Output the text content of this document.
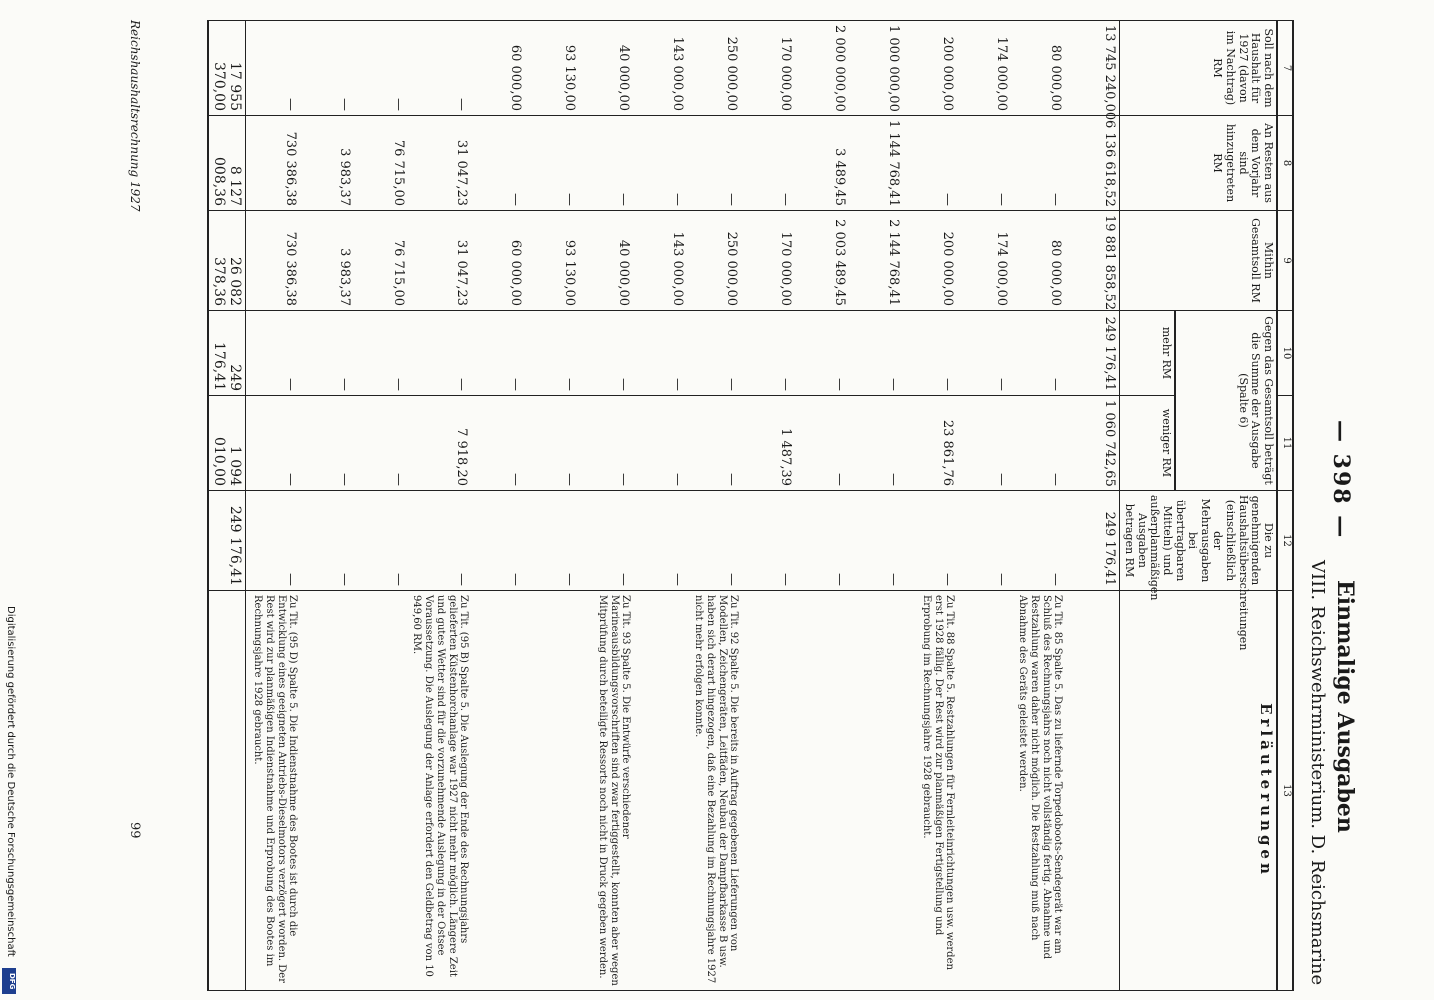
— 398 —
Einmalige Ausgaben
VIII. Reichswehrministerium. D. Reichsmarine
7	8	9	10	11	12	13
Soll nach dem Haushalt für 1927 (davon im Nachtrag) RM	An Resten aus dem Vorjahr sind hinzugetreten RM	Mithin Gesamtsoll RM	Gegen das Gesamtsoll beträgt die Summe der Ausgabe (Spalte 6)		Die zu genehmigenden Haushaltsüberschreitungen (einschließlich der Mehrausgaben bei übertragbaren Mitteln) und außerplanmäßigen Ausgaben betragen RM	Erläuterungen
			mehr RM	weniger RM		
13 745 240,00	6 136 618,52	19 881 858,52	249 176,41	1 060 742,65	249 176,41	
80 000,00	—	80 000,00	—	—	—	Zu Tit. 85 Spalte 5. Das zu liefernde Torpedoboots-Sendegerät war am Schluß des Rechnungsjahrs noch nicht vollständig fertig. Abnahme und Restzahlung waren daher nicht möglich. Die Restzahlung muß nach Abnahme des Geräts geleistet werden.
174 000,00	—	174 000,00	—	—	—	
200 000,00	—	200 000,00	—	23 861,76	—	Zu Tit. 88 Spalte 5. Restzahlungen für Fernleiteinrichtungen usw. werden erst 1928 fällig. Der Rest wird zur planmäßigen Fertigstellung und Erprobung im Rechnungsjahre 1928 gebraucht.
1 000 000,00	1 144 768,41	2 144 768,41	—	—	—	
2 000 000,00	3 489,45	2 003 489,45	—	—	—	
170 000,00	—	170 000,00	—	1 487,39	—	
250 000,00	—	250 000,00	—	—	—	Zu Tit. 92 Spalte 5. Die bereits in Auftrag gegebenen Lieferungen von Modellen, Zeichengeräten, Leitfäden, Neubau der Dampfbarkasse B usw. haben sich derart hingezogen, daß eine Bezahlung im Rechnungsjahre 1927 nicht mehr erfolgen konnte.
143 000,00	—	143 000,00	—	—	—	
40 000,00	—	40 000,00	—	—	—	Zu Tit. 93 Spalte 5. Die Entwürfe verschiedener Marineausbildungsvorschriften sind zwar fertiggestellt, konnten aber wegen Mitprüfung durch beteiligte Ressorts noch nicht in Druck gegeben werden.
93 130,00	—	93 130,00	—	—	—	
60 000,00	—	60 000,00	—	—	—	
—	31 047,23	31 047,23	—	7 918,20	—	Zu Tit. (95 B) Spalte 5. Die Auslegung der Ende des Rechnungsjahrs gelieferten Küstenhorchanlage war 1927 nicht mehr möglich. Längere Zeit und gutes Wetter sind für die vorzunehmende Auslegung in der Ostsee Voraussetzung. Die Auslegung der Anlage erfordert den Geldbetrag von 10 949,60 RM.
—	76 715,00	76 715,00	—	—	—	
—	3 983,37	3 983,37	—	—	—	
—	730 386,38	730 386,38	—	—	—	Zu Tit. (95 D) Spalte 5. Die Indienstnahme des Bootes ist durch die Entwicklung eines geeigneten Antriebs-Dieselmotors verzögert worden. Der Rest wird zur planmäßigen Indienstnahme und Erprobung des Bootes im Rechnungsjahre 1928 gebraucht.
17 955 370,00	8 127 008,36	26 082 378,36	249 176,41	1 094 010,00	249 176,41	
Reichshaushaltsrechnung 1927
99
Digitalisierung gefördert durch die Deutsche Forschungsgemeinschaft
DFG
